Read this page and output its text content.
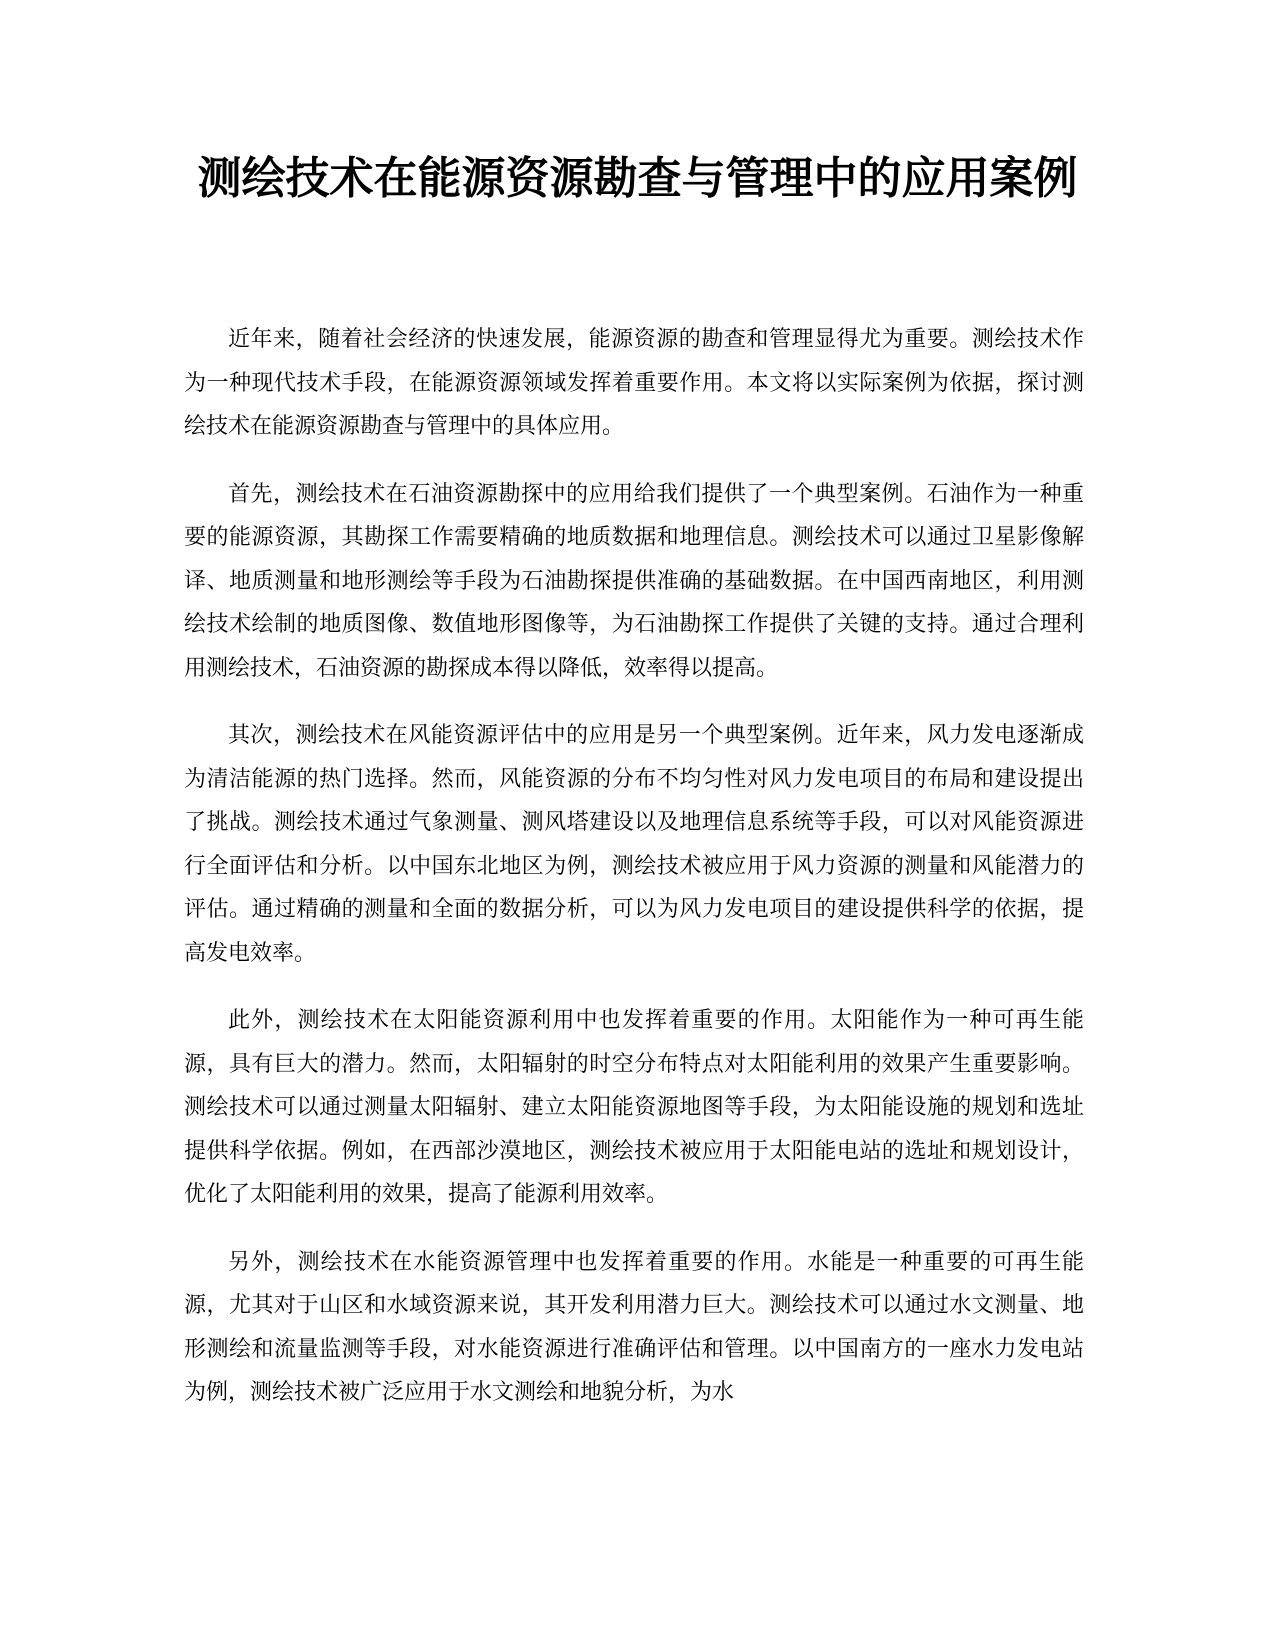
测绘技术在能源资源勘查与管理中的应用案例

近年来，随着社会经济的快速发展，能源资源的勘查和管理显得尤为重要。测绘技术作为一种现代技术手段，在能源资源领域发挥着重要作用。本文将以实际案例为依据，探讨测绘技术在能源资源勘查与管理中的具体应用。

首先，测绘技术在石油资源勘探中的应用给我们提供了一个典型案例。石油作为一种重要的能源资源，其勘探工作需要精确的地质数据和地理信息。测绘技术可以通过卫星影像解译、地质测量和地形测绘等手段为石油勘探提供准确的基础数据。在中国西南地区，利用测绘技术绘制的地质图像、数值地形图像等，为石油勘探工作提供了关键的支持。通过合理利用测绘技术，石油资源的勘探成本得以降低，效率得以提高。

其次，测绘技术在风能资源评估中的应用是另一个典型案例。近年来，风力发电逐渐成为清洁能源的热门选择。然而，风能资源的分布不均匀性对风力发电项目的布局和建设提出了挑战。测绘技术通过气象测量、测风塔建设以及地理信息系统等手段，可以对风能资源进行全面评估和分析。以中国东北地区为例，测绘技术被应用于风力资源的测量和风能潜力的评估。通过精确的测量和全面的数据分析，可以为风力发电项目的建设提供科学的依据，提高发电效率。

此外，测绘技术在太阳能资源利用中也发挥着重要的作用。太阳能作为一种可再生能源，具有巨大的潜力。然而，太阳辐射的时空分布特点对太阳能利用的效果产生重要影响。测绘技术可以通过测量太阳辐射、建立太阳能资源地图等手段，为太阳能设施的规划和选址提供科学依据。例如，在西部沙漠地区，测绘技术被应用于太阳能电站的选址和规划设计，优化了太阳能利用的效果，提高了能源利用效率。

另外，测绘技术在水能资源管理中也发挥着重要的作用。水能是一种重要的可再生能源，尤其对于山区和水域资源来说，其开发利用潜力巨大。测绘技术可以通过水文测量、地形测绘和流量监测等手段，对水能资源进行准确评估和管理。以中国南方的一座水力发电站为例，测绘技术被广泛应用于水文测绘和地貌分析，为水
